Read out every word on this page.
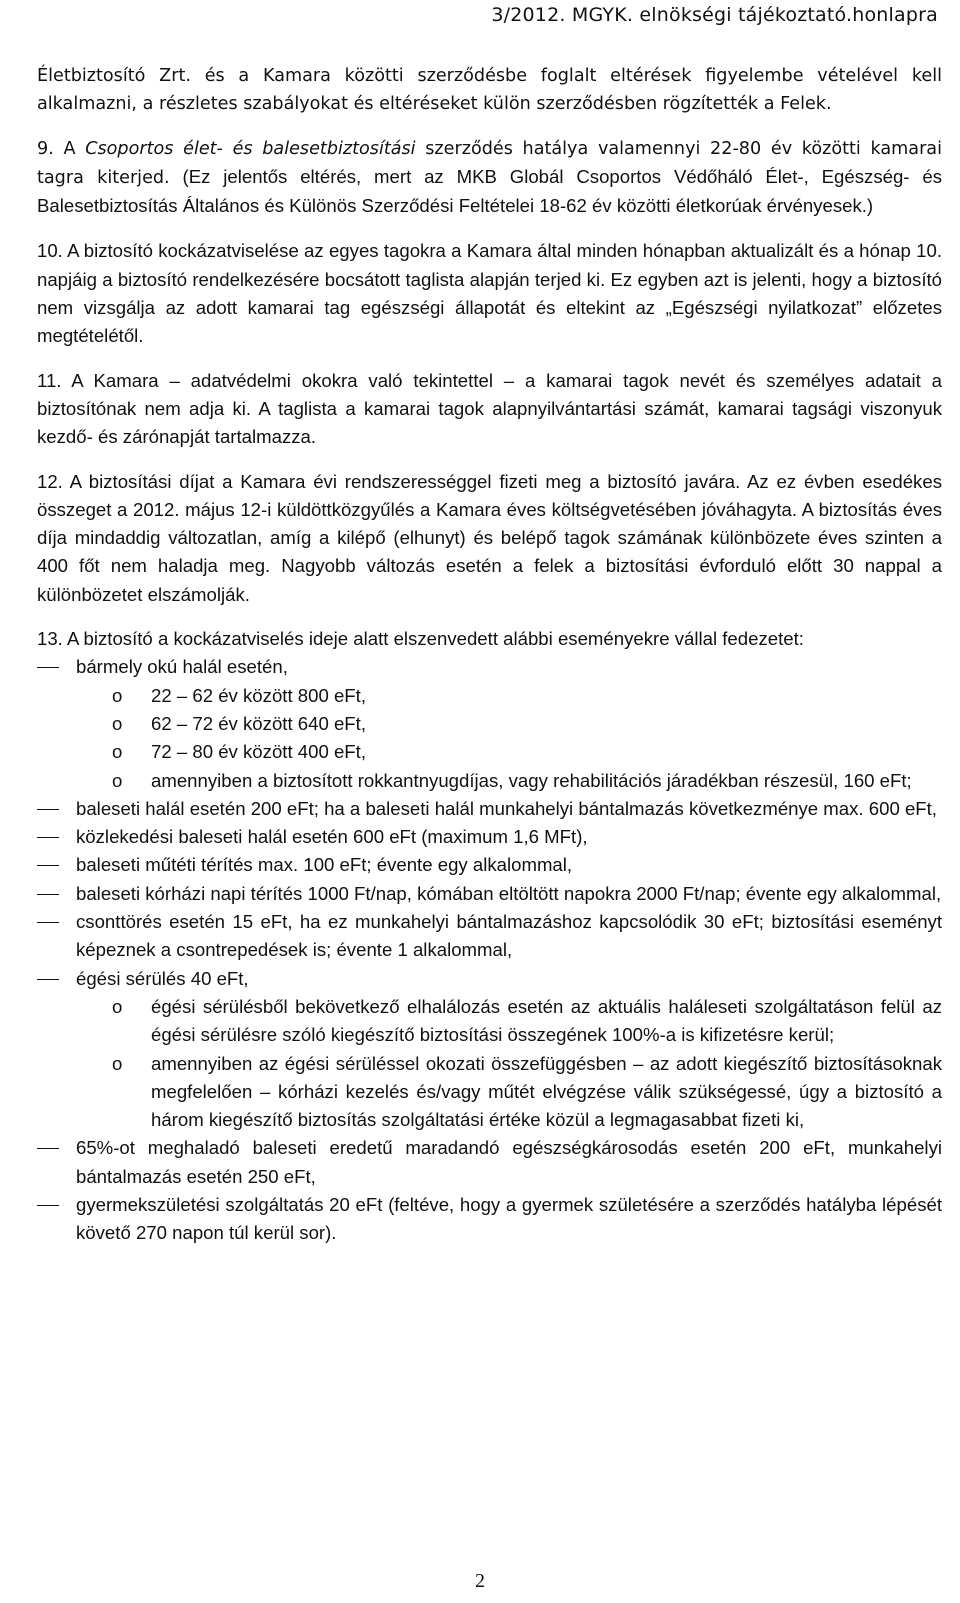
3/2012. MGYK. elnökségi tájékoztató.honlapra

Életbiztosító Zrt. és a Kamara közötti szerződésbe foglalt eltérések figyelembe vételével kell alkalmazni, a részletes szabályokat és eltéréseket külön szerződésben rögzítették a Felek.

9. A Csoportos élet- és balesetbiztosítási szerződés hatálya valamennyi 22-80 év közötti kamarai tagra kiterjed. (Ez jelentős eltérés, mert az MKB Globál Csoportos Védőháló Élet-, Egészség- és Balesetbiztosítás Általános és Különös Szerződési Feltételei 18-62 év közötti életkorúak érvényesek.)

10. A biztosító kockázatviselése az egyes tagokra a Kamara által minden hónapban aktualizált és a hónap 10. napjáig a biztosító rendelkezésére bocsátott taglista alapján terjed ki. Ez egyben azt is jelenti, hogy a biztosító nem vizsgálja az adott kamarai tag egészségi állapotát és eltekint az „Egészségi nyilatkozat” előzetes megtételétől.

11. A Kamara – adatvédelmi okokra való tekintettel – a kamarai tagok nevét és személyes adatait a biztosítónak nem adja ki. A taglista a kamarai tagok alapnyilvántartási számát, kamarai tagsági viszonyuk kezdő- és zárónapját tartalmazza.

12. A biztosítási díjat a Kamara évi rendszerességgel fizeti meg a biztosító javára. Az ez évben esedékes összeget a 2012. május 12-i küldöttközgyűlés a Kamara éves költségvetésében jóváhagyta. A biztosítás éves díja mindaddig változatlan, amíg a kilépő (elhunyt) és belépő tagok számának különbözete éves szinten a 400 főt nem haladja meg. Nagyobb változás esetén a felek a biztosítási évforduló előtt 30 nappal a különbözetet elszámolják.

13. A biztosító a kockázatviselés ideje alatt elszenvedett alábbi eseményekre vállal fedezetet:

bármely okú halál esetén,

o 22 – 62 év között 800 eFt,

o 62 – 72 év között 640 eFt,

o 72 – 80 év között 400 eFt,

o amennyiben a biztosított rokkantnyugdíjas, vagy rehabilitációs járadékban részesül, 160 eFt;

baleseti halál esetén 200 eFt; ha a baleseti halál munkahelyi bántalmazás következménye max. 600 eFt,

közlekedési baleseti halál esetén 600 eFt (maximum 1,6 MFt),

baleseti műtéti térítés max. 100 eFt; évente egy alkalommal,

baleseti kórházi napi térítés 1000 Ft/nap, kómában eltöltött napokra 2000 Ft/nap; évente egy alkalommal,

csonttörés esetén 15 eFt, ha ez munkahelyi bántalmazáshoz kapcsolódik 30 eFt; biztosítási eseményt képeznek a csontrepedések is; évente 1 alkalommal,

égési sérülés 40 eFt,

o égési sérülésből bekövetkező elhalálozás esetén az aktuális haláleseti szolgáltatáson felül az égési sérülésre szóló kiegészítő biztosítási összegének 100%-a is kifizetésre kerül;

o amennyiben az égési sérüléssel okozati összefüggésben – az adott kiegészítő biztosításoknak megfelelően – kórházi kezelés és/vagy műtét elvégzése válik szükségessé, úgy a biztosító a három kiegészítő biztosítás szolgáltatási értéke közül a legmagasabbat fizeti ki,

65%-ot meghaladó baleseti eredetű maradandó egészségkárosodás esetén 200 eFt, munkahelyi bántalmazás esetén 250 eFt,

gyermekszületési szolgáltatás 20 eFt (feltéve, hogy a gyermek születésére a szerződés hatályba lépését követő 270 napon túl kerül sor).

2
